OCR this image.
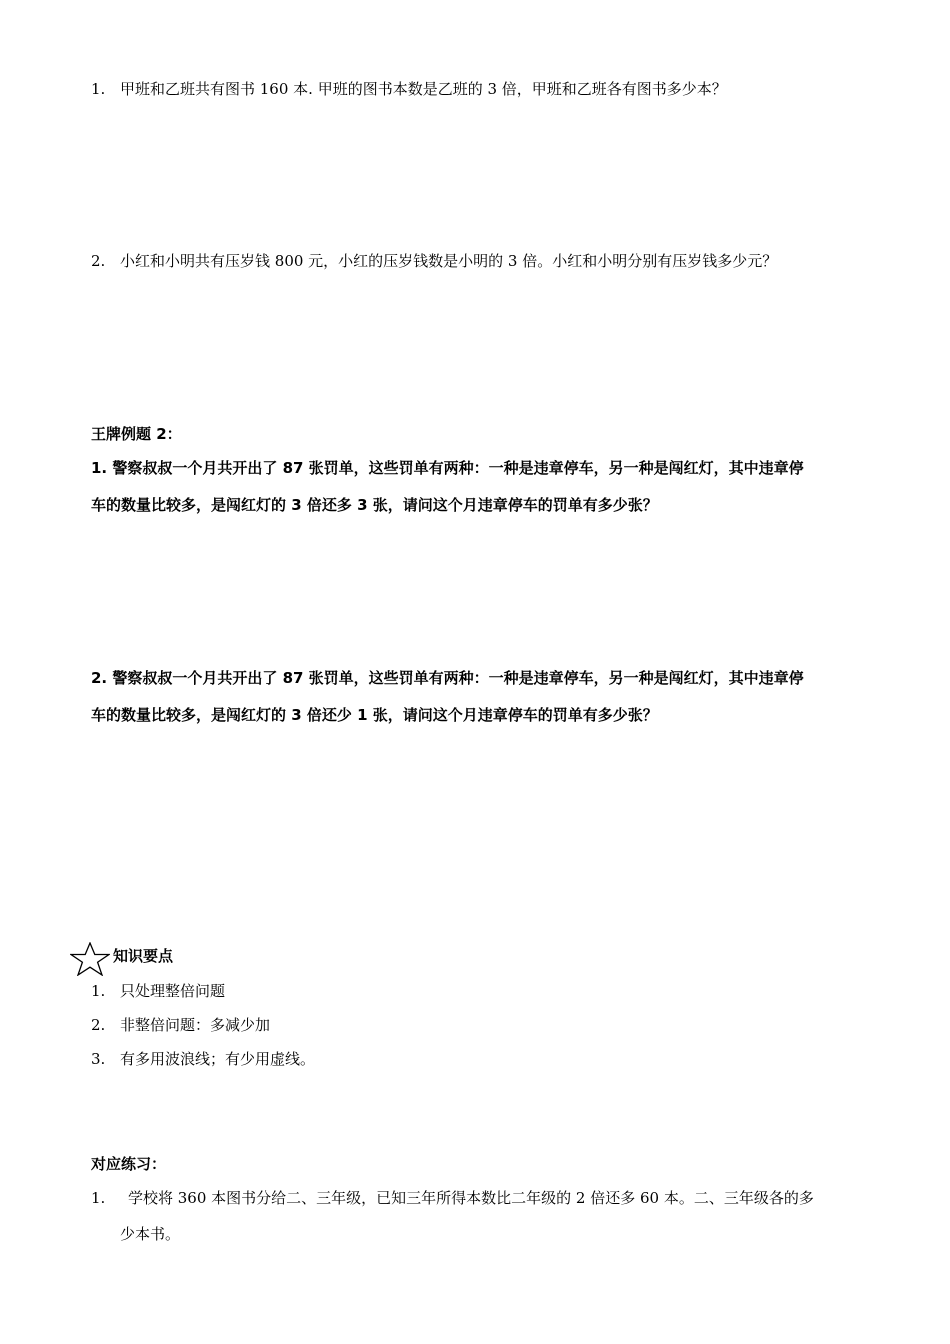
1. 甲班和乙班共有图书 160 本. 甲班的图书本数是乙班的 3 倍，甲班和乙班各有图书多少本？
2. 小红和小明共有压岁钱 800 元，小红的压岁钱数是小明的 3 倍。小红和小明分别有压岁钱多少元？
王牌例题 2：
1. 警察叔叔一个月共开出了 87 张罚单，这些罚单有两种：一种是违章停车，另一种是闯红灯，其中违章停
车的数量比较多，是闯红灯的 3 倍还多 3 张，请问这个月违章停车的罚单有多少张？
2. 警察叔叔一个月共开出了 87 张罚单，这些罚单有两种：一种是违章停车，另一种是闯红灯，其中违章停
车的数量比较多，是闯红灯的 3 倍还少 1 张，请问这个月违章停车的罚单有多少张？
知识要点
1. 只处理整倍问题
2. 非整倍问题：多减少加
3. 有多用波浪线；有少用虚线。
对应练习：
1. 学校将 360 本图书分给二、三年级，已知三年所得本数比二年级的 2 倍还多 60 本。二、三年级各的多
少本书。
